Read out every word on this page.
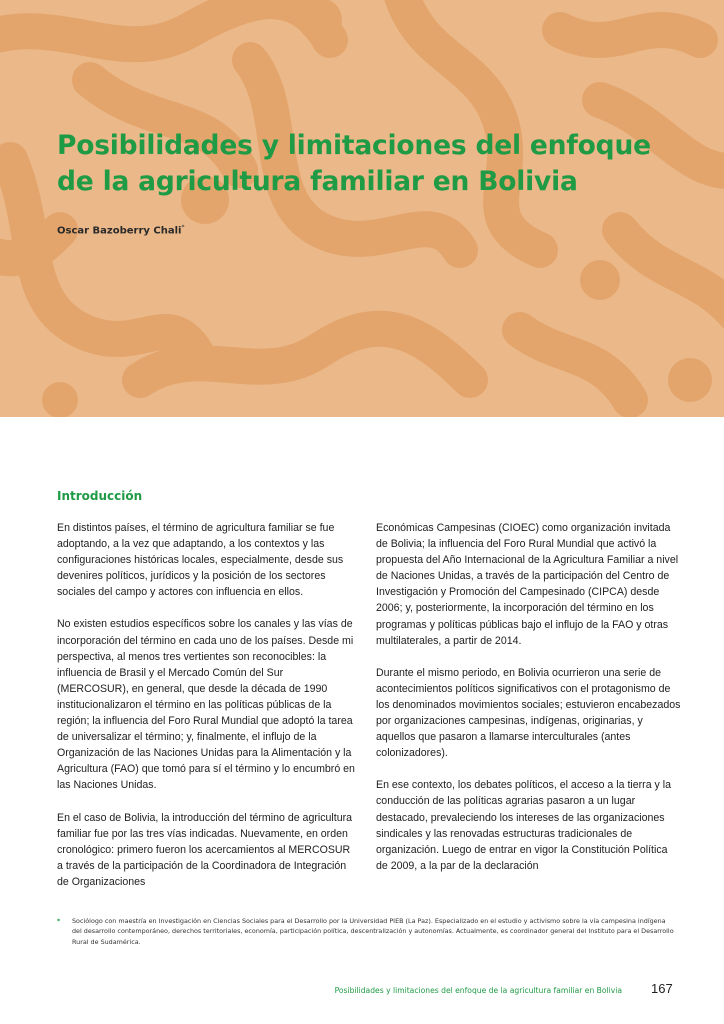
Posibilidades y limitaciones del enfoque de la agricultura familiar en Bolivia

Oscar Bazoberry Chali*

Introducción

En distintos países, el término de agricultura familiar se fue adoptando, a la vez que adaptando, a los contextos y las configuraciones históricas locales, especialmente, desde sus devenires políticos, jurídicos y la posición de los sectores sociales del campo y actores con influencia en ellos.

No existen estudios específicos sobre los canales y las vías de incorporación del término en cada uno de los países. Desde mi perspectiva, al menos tres vertientes son reconocibles: la influencia de Brasil y el Mercado Común del Sur (MERCOSUR), en general, que desde la década de 1990 institucionalizaron el término en las políticas públicas de la región; la influencia del Foro Rural Mundial que adoptó la tarea de universalizar el término; y, finalmente, el influjo de la Organización de las Naciones Unidas para la Alimentación y la Agricultura (FAO) que tomó para sí el término y lo encumbró en las Naciones Unidas.

En el caso de Bolivia, la introducción del término de agricultura familiar fue por las tres vías indicadas. Nuevamente, en orden cronológico: primero fueron los acercamientos al MERCOSUR a través de la participación de la Coordinadora de Integración de Organizaciones

Económicas Campesinas (CIOEC) como organización invitada de Bolivia; la influencia del Foro Rural Mundial que activó la propuesta del Año Internacional de la Agricultura Familiar a nivel de Naciones Unidas, a través de la participación del Centro de Investigación y Promoción del Campesinado (CIPCA) desde 2006; y, posteriormente, la incorporación del término en los programas y políticas públicas bajo el influjo de la FAO y otras multilaterales, a partir de 2014.

Durante el mismo periodo, en Bolivia ocurrieron una serie de acontecimientos políticos significativos con el protagonismo de los denominados movimientos sociales; estuvieron encabezados por organizaciones campesinas, indígenas, originarias, y aquellos que pasaron a llamarse interculturales (antes colonizadores).

En ese contexto, los debates políticos, el acceso a la tierra y la conducción de las políticas agrarias pasaron a un lugar destacado, prevaleciendo los intereses de las organizaciones sindicales y las renovadas estructuras tradicionales de organización. Luego de entrar en vigor la Constitución Política de 2009, a la par de la declaración

*	Sociólogo con maestría en Investigación en Ciencias Sociales para el Desarrollo por la Universidad PIEB (La Paz). Especializado en el estudio y activismo sobre la vía campesina indígena del desarrollo contemporáneo, derechos territoriales, economía, participación política, descentralización y autonomías. Actualmente, es coordinador general del Instituto para el Desarrollo Rural de Sudamérica.
Posibilidades y limitaciones del enfoque de la agricultura familiar en Bolivia 167
